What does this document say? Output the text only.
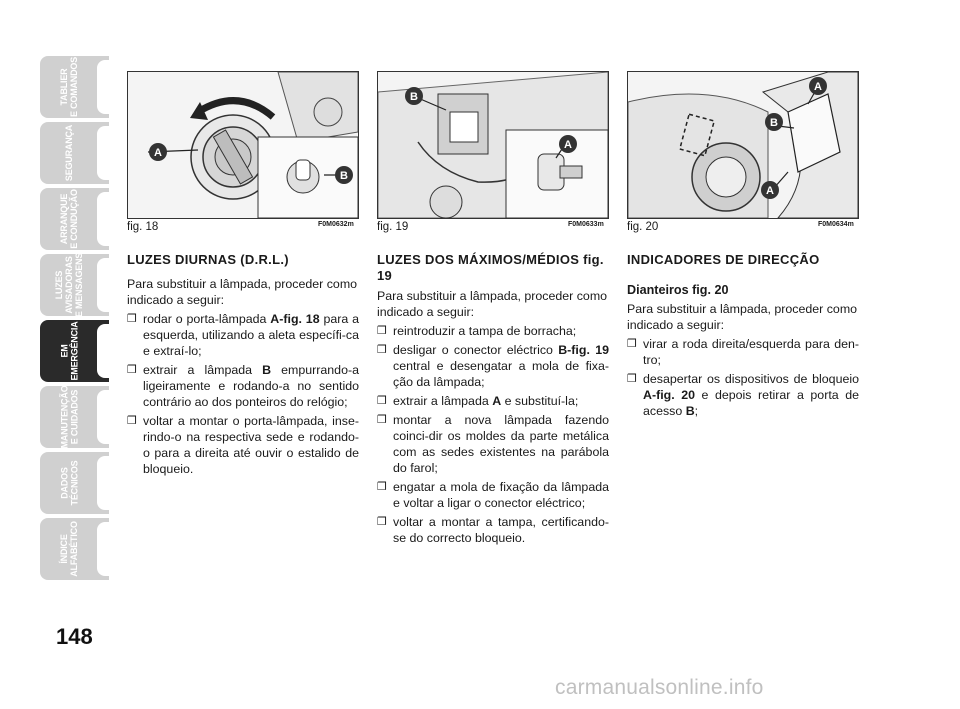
TABLIER
E COMANDOS
SEGURANÇA
ARRANQUE
E CONDUÇÃO
LUZES
AVISADORAS
E MENSAGENS
EM
EMERGÊNCIA
MANUTENÇÃO
E CUIDADOS
DADOS
TÉCNICOS
ÍNDICE
ALFABÉTICO
148
A
B
fig. 18	F0M0632m
B
A
fig. 19	F0M0633m
A
B
A
fig. 20	F0M0634m
LUZES DIURNAS (D.R.L.)
Para substituir a lâmpada, proceder como indicado a seguir:
❒ rodar o porta-lâmpada A-fig. 18 para a esquerda, utilizando a aleta específi-ca e extraí-lo;
❒ extrair a lâmpada B empurrando-a ligeiramente e rodando-a no sentido contrário ao dos ponteiros do relógio;
❒ voltar a montar o porta-lâmpada, inse-rindo-o na respectiva sede e rodando-o para a direita até ouvir o estalido de bloqueio.
LUZES DOS MÁXIMOS/MÉDIOS fig. 19
Para substituir a lâmpada, proceder como indicado a seguir:
❒ reintroduzir a tampa de borracha;
❒ desligar o conector eléctrico B-fig. 19 central e desengatar a mola de fixa-ção da lâmpada;
❒ extrair a lâmpada A e substituí-la;
❒ montar a nova lâmpada fazendo coinci-dir os moldes da parte metálica com as sedes existentes na parábola do farol;
❒ engatar a mola de fixação da lâmpada e voltar a ligar o conector eléctrico;
❒ voltar a montar a tampa, certificando-se do correcto bloqueio.
INDICADORES DE DIRECÇÃO
Dianteiros fig. 20
Para substituir a lâmpada, proceder como indicado a seguir:
❒ virar a roda direita/esquerda para den-tro;
❒ desapertar os dispositivos de bloqueio A-fig. 20 e depois retirar a porta de acesso B;
carmanualsonline.info
